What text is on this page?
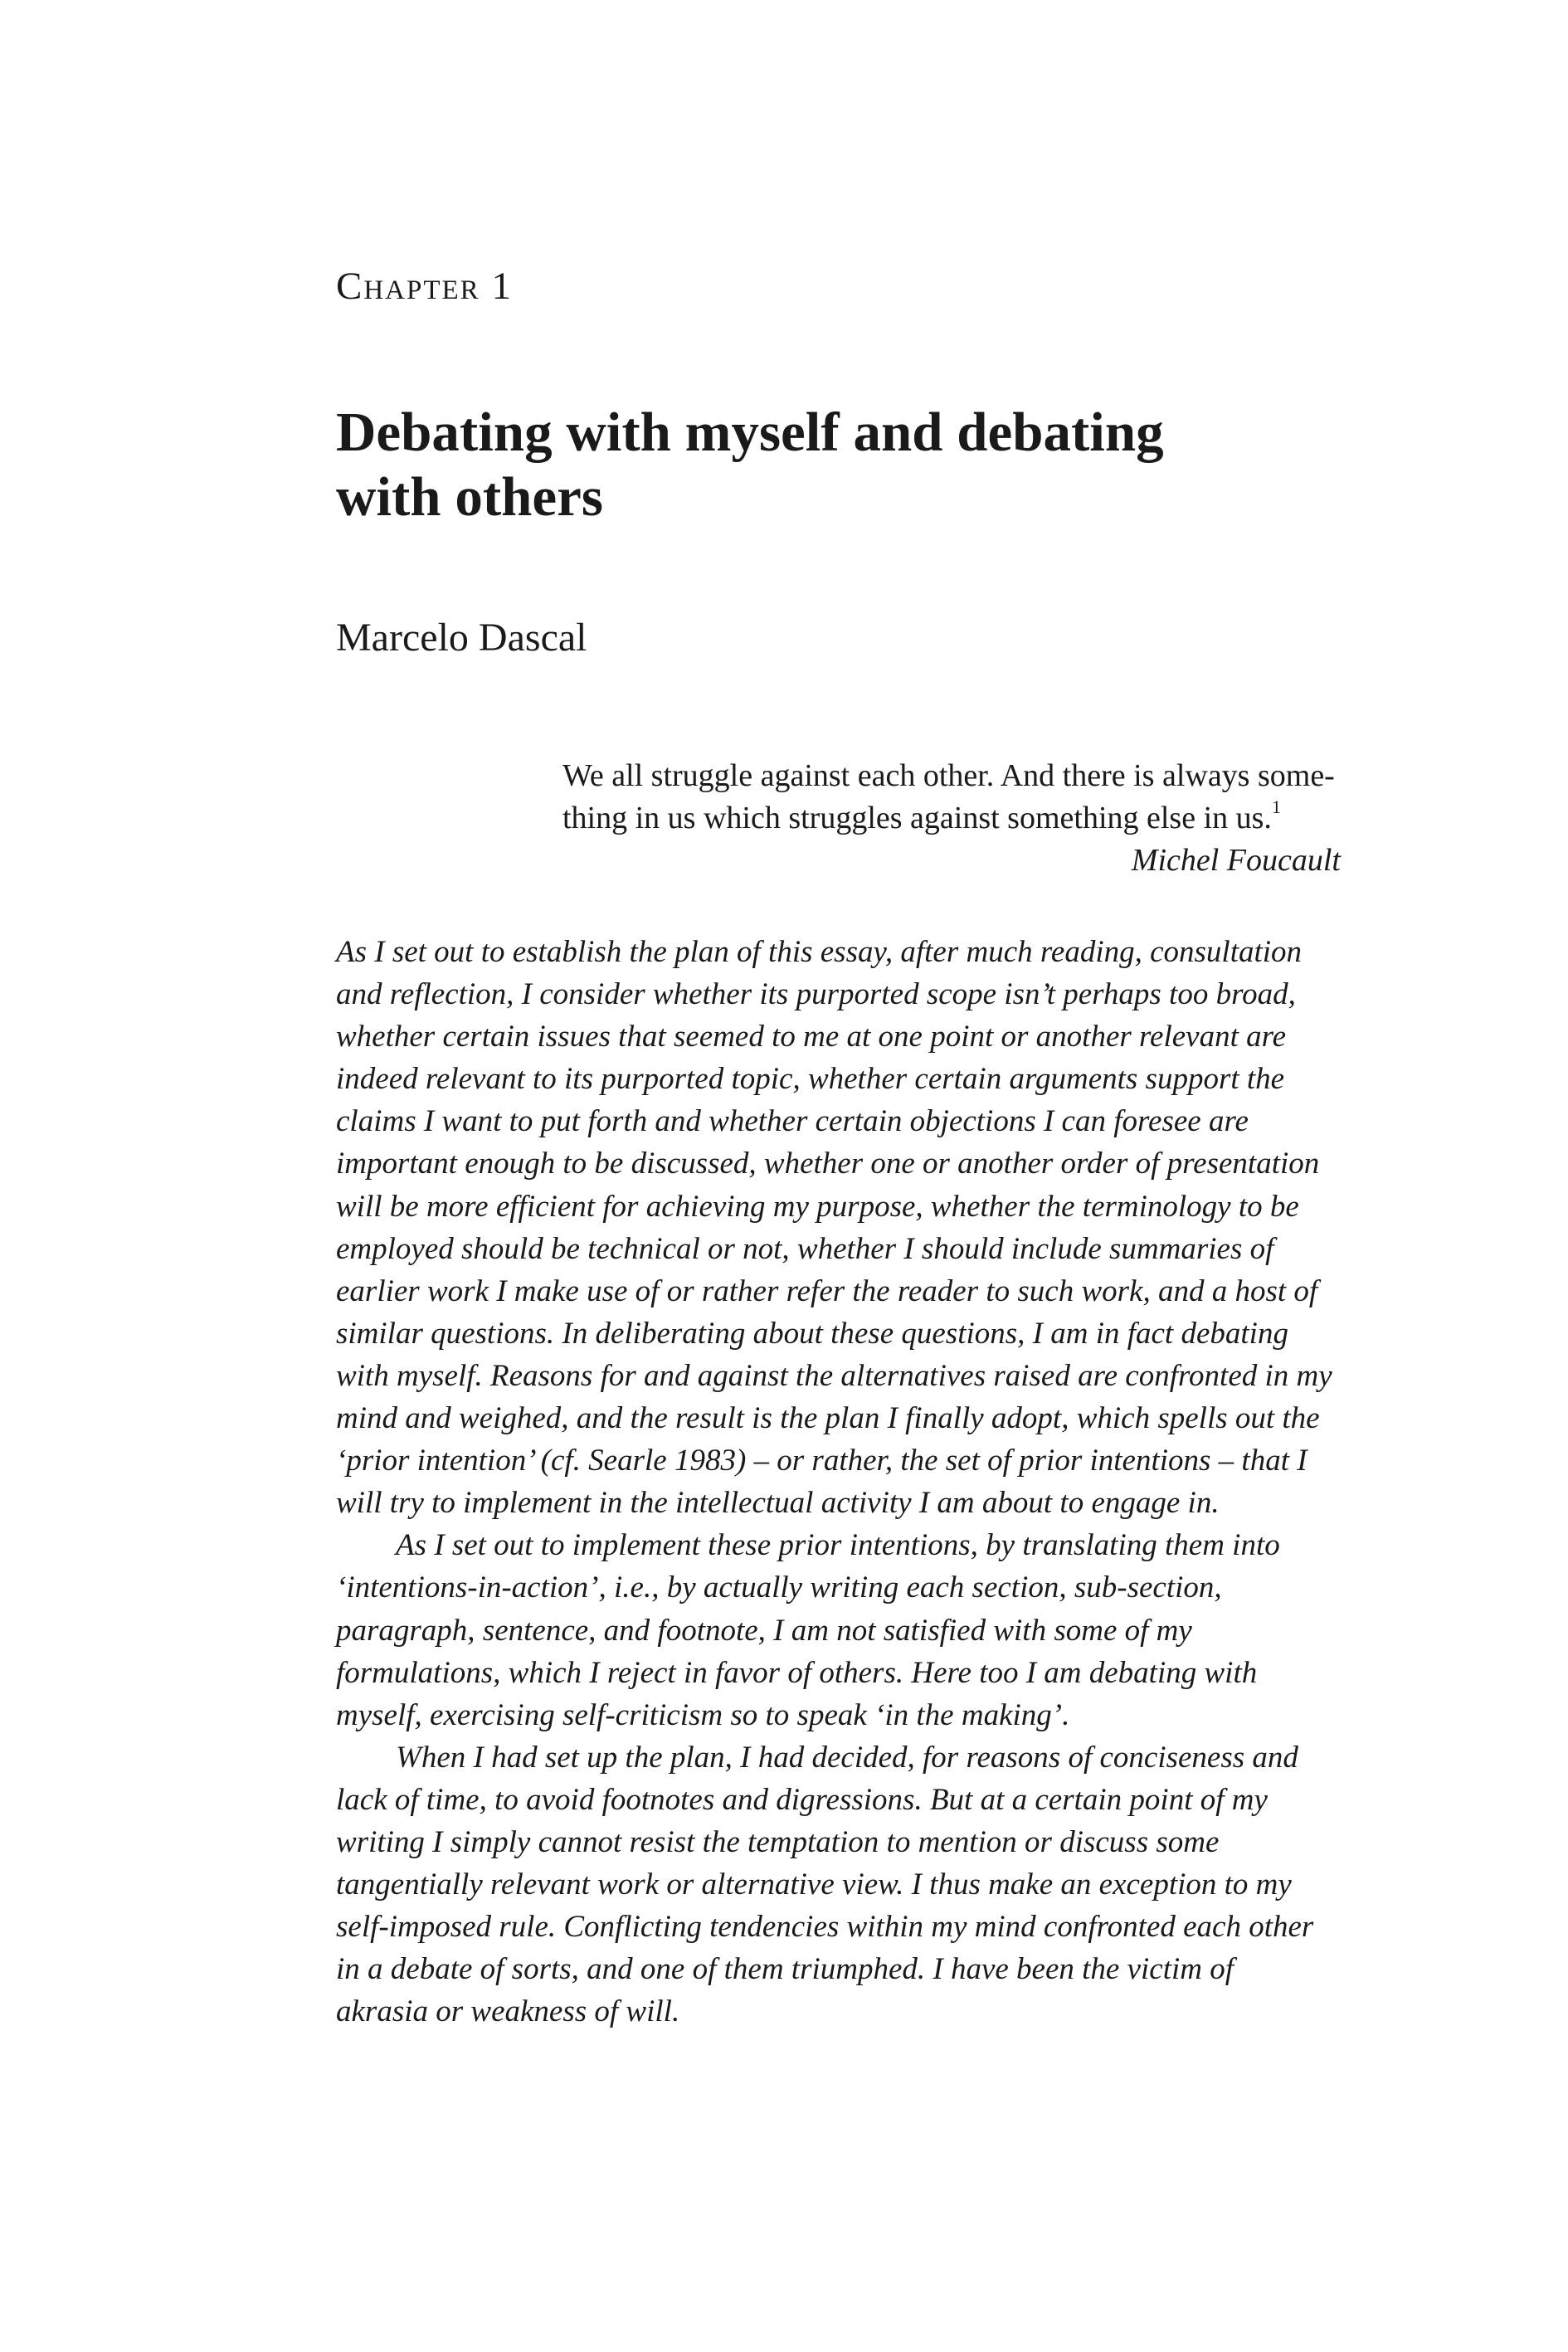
Chapter 1
Debating with myself and debating
with others
Marcelo Dascal
We all struggle against each other. And there is always some-
thing in us which struggles against something else in us.$^1$
Michel Foucault
As I set out to establish the plan of this essay, after much reading, consultation
and reflection, I consider whether its purported scope isn’t perhaps too broad,
whether certain issues that seemed to me at one point or another relevant are
indeed relevant to its purported topic, whether certain arguments support the
claims I want to put forth and whether certain objections I can foresee are
important enough to be discussed, whether one or another order of presentation
will be more efficient for achieving my purpose, whether the terminology to be
employed should be technical or not, whether I should include summaries of
earlier work I make use of or rather refer the reader to such work, and a host of
similar questions. In deliberating about these questions, I am in fact debating
with myself. Reasons for and against the alternatives raised are confronted in my
mind and weighed, and the result is the plan I finally adopt, which spells out the
‘prior intention’ (cf. Searle 1983) – or rather, the set of prior intentions – that I
will try to implement in the intellectual activity I am about to engage in.
As I set out to implement these prior intentions, by translating them into
‘intentions-in-action’, i.e., by actually writing each section, sub-section,
paragraph, sentence, and footnote, I am not satisfied with some of my
formulations, which I reject in favor of others. Here too I am debating with
myself, exercising self-criticism so to speak ‘in the making’.
When I had set up the plan, I had decided, for reasons of conciseness and
lack of time, to avoid footnotes and digressions. But at a certain point of my
writing I simply cannot resist the temptation to mention or discuss some
tangentially relevant work or alternative view. I thus make an exception to my
self-imposed rule. Conflicting tendencies within my mind confronted each other
in a debate of sorts, and one of them triumphed. I have been the victim of
akrasia or weakness of will.
